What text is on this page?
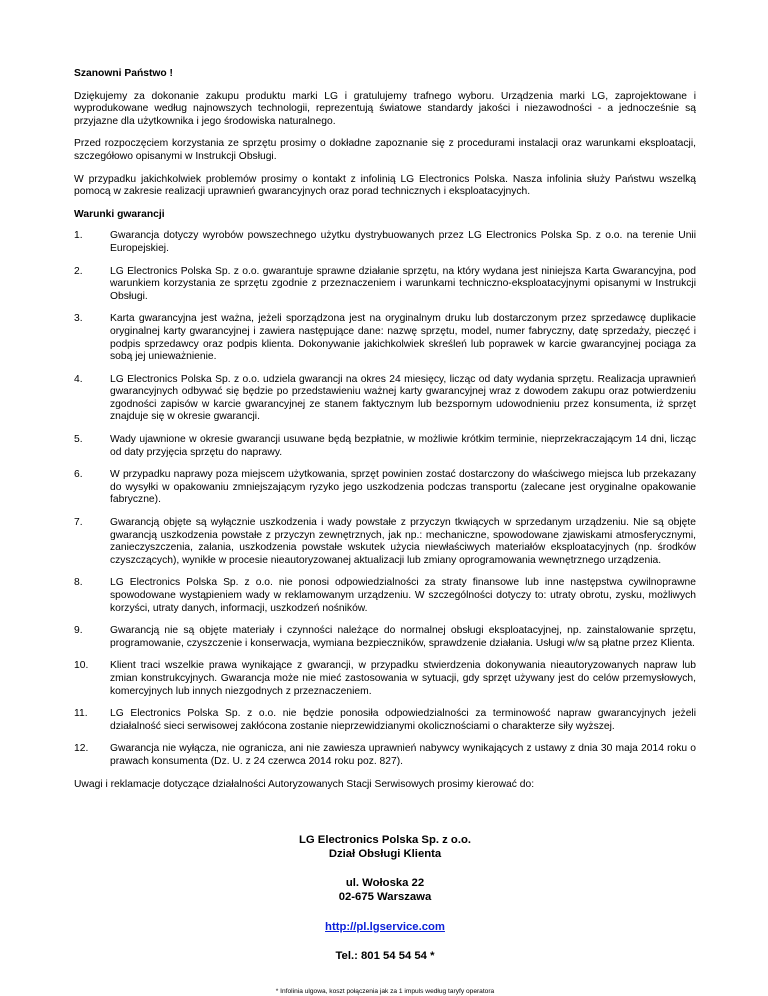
Szanowni Państwo !

Dziękujemy za dokonanie zakupu produktu marki LG i gratulujemy trafnego wyboru. Urządzenia marki LG, zaprojektowane i wyprodukowane według najnowszych technologii, reprezentują światowe standardy jakości i niezawodności - a jednocześnie są przyjazne dla użytkownika i jego środowiska naturalnego.

Przed rozpoczęciem korzystania ze sprzętu prosimy o dokładne zapoznanie się z procedurami instalacji oraz warunkami eksploatacji, szczegółowo opisanymi w Instrukcji Obsługi.

W przypadku jakichkolwiek problemów prosimy o kontakt z infolinią LG Electronics Polska. Nasza infolinia służy Państwu wszelką pomocą w zakresie realizacji uprawnień gwarancyjnych oraz porad technicznych i eksploatacyjnych.

Warunki gwarancji
1.	Gwarancja dotyczy wyrobów powszechnego użytku dystrybuowanych przez LG Electronics Polska Sp. z o.o. na terenie Unii Europejskiej.
2.	LG Electronics Polska Sp. z o.o. gwarantuje sprawne działanie sprzętu, na który wydana jest niniejsza Karta Gwarancyjna, pod warunkiem korzystania ze sprzętu zgodnie z przeznaczeniem i warunkami techniczno-eksploatacyjnymi opisanymi w Instrukcji Obsługi.
3.	Karta gwarancyjna jest ważna, jeżeli sporządzona jest na oryginalnym druku lub dostarczonym przez sprzedawcę duplikacie oryginalnej karty gwarancyjnej i zawiera następujące dane: nazwę sprzętu, model, numer fabryczny, datę sprzedaży, pieczęć i podpis sprzedawcy oraz podpis klienta. Dokonywanie jakichkolwiek skreśleń lub poprawek w karcie gwarancyjnej pociąga za sobą jej unieważnienie.
4.	LG Electronics Polska Sp. z o.o. udziela gwarancji na okres 24 miesięcy, licząc od daty wydania sprzętu. Realizacja uprawnień gwarancyjnych odbywać się będzie po przedstawieniu ważnej karty gwarancyjnej wraz z dowodem zakupu oraz potwierdzeniu zgodności zapisów w karcie gwarancyjnej ze stanem faktycznym lub bezspornym udowodnieniu przez konsumenta, iż sprzęt znajduje się w okresie gwarancji.
5.	Wady ujawnione w okresie gwarancji usuwane będą bezpłatnie, w możliwie krótkim terminie, nieprzekraczającym 14 dni, licząc od daty przyjęcia sprzętu do naprawy.
6.	W przypadku naprawy poza miejscem użytkowania, sprzęt powinien zostać dostarczony do właściwego miejsca lub przekazany do wysyłki w opakowaniu zmniejszającym ryzyko jego uszkodzenia podczas transportu (zalecane jest oryginalne opakowanie fabryczne).
7.	Gwarancją objęte są wyłącznie uszkodzenia i wady powstałe z przyczyn tkwiących w sprzedanym urządzeniu. Nie są objęte gwarancją uszkodzenia powstałe z przyczyn zewnętrznych, jak np.: mechaniczne, spowodowane zjawiskami atmosferycznymi, zanieczyszczenia, zalania, uszkodzenia powstałe wskutek użycia niewłaściwych materiałów eksploatacyjnych (np. środków czyszczących), wynikłe w procesie nieautoryzowanej aktualizacji lub zmiany oprogramowania wewnętrznego urządzenia.
8.	LG Electronics Polska Sp. z o.o. nie ponosi odpowiedzialności za straty finansowe lub inne następstwa cywilnoprawne spowodowane wystąpieniem wady w reklamowanym urządzeniu. W szczególności dotyczy to: utraty obrotu, zysku, możliwych korzyści, utraty danych, informacji, uszkodzeń nośników.
9.	Gwarancją nie są objęte materiały i czynności należące do normalnej obsługi eksploatacyjnej, np. zainstalowanie sprzętu, programowanie, czyszczenie i konserwacja, wymiana bezpieczników, sprawdzenie działania. Usługi w/w są płatne przez Klienta.
10.	Klient traci wszelkie prawa wynikające z gwarancji, w przypadku stwierdzenia dokonywania nieautoryzowanych napraw lub zmian konstrukcyjnych. Gwarancja może nie mieć zastosowania w sytuacji, gdy sprzęt używany jest do celów przemysłowych, komercyjnych lub innych niezgodnych z przeznaczeniem.
11.	LG Electronics Polska Sp. z o.o. nie będzie ponosiła odpowiedzialności za terminowość napraw gwarancyjnych jeżeli działalność sieci serwisowej zakłócona zostanie nieprzewidzianymi okolicznościami o charakterze siły wyższej.
12.	Gwarancja nie wyłącza, nie ogranicza, ani nie zawiesza uprawnień nabywcy wynikających z ustawy z dnia 30 maja 2014 roku o prawach konsumenta (Dz. U. z 24 czerwca 2014 roku poz. 827).

Uwagi i reklamacje dotyczące działalności Autoryzowanych Stacji Serwisowych prosimy kierować do:

LG Electronics Polska Sp. z o.o.
Dział Obsługi Klienta
ul. Wołoska 22
02-675 Warszawa
http://pl.lgservice.com
Tel.: 801 54 54 54 *
* Infolinia ulgowa, koszt połączenia jak za 1 impuls według taryfy operatora
